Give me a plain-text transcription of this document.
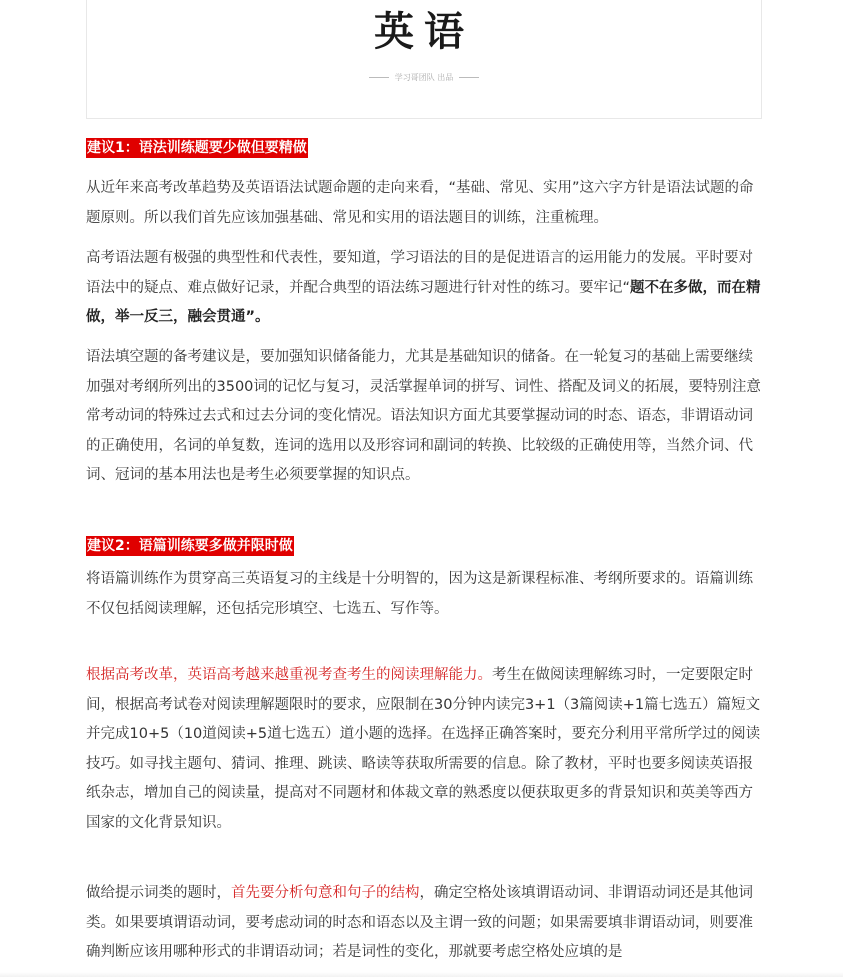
英语
学习哥团队 出品
建议1：语法训练题要少做但要精做

从近年来高考改革趋势及英语语法试题命题的走向来看，“基础、常见、实用”这六字方针是语法试题的命题原则。所以我们首先应该加强基础、常见和实用的语法题目的训练，注重梳理。

高考语法题有极强的典型性和代表性，要知道，学习语法的目的是促进语言的运用能力的发展。平时要对语法中的疑点、难点做好记录，并配合典型的语法练习题进行针对性的练习。要牢记“题不在多做，而在精做，举一反三，融会贯通”。

语法填空题的备考建议是，要加强知识储备能力，尤其是基础知识的储备。在一轮复习的基础上需要继续加强对考纲所列出的3500词的记忆与复习，灵活掌握单词的拼写、词性、搭配及词义的拓展，要特别注意常考动词的特殊过去式和过去分词的变化情况。语法知识方面尤其要掌握动词的时态、语态，非谓语动词的正确使用，名词的单复数，连词的选用以及形容词和副词的转换、比较级的正确使用等，当然介词、代词、冠词的基本用法也是考生必须要掌握的知识点。

建议2：语篇训练要多做并限时做

将语篇训练作为贯穿高三英语复习的主线是十分明智的，因为这是新课程标准、考纲所要求的。语篇训练不仅包括阅读理解，还包括完形填空、七选五、写作等。

根据高考改革，英语高考越来越重视考查考生的阅读理解能力。考生在做阅读理解练习时，一定要限定时间，根据高考试卷对阅读理解题限时的要求，应限制在30分钟内读完3+1（3篇阅读+1篇七选五）篇短文并完成10+5（10道阅读+5道七选五）道小题的选择。在选择正确答案时，要充分利用平常所学过的阅读技巧。如寻找主题句、猜词、推理、跳读、略读等获取所需要的信息。除了教材，平时也要多阅读英语报纸杂志，增加自己的阅读量，提高对不同题材和体裁文章的熟悉度以便获取更多的背景知识和英美等西方国家的文化背景知识。

做给提示词类的题时，首先要分析句意和句子的结构，确定空格处该填谓语动词、非谓语动词还是其他词类。如果要填谓语动词，要考虑动词的时态和语态以及主谓一致的问题；如果需要填非谓语动词，则要准确判断应该用哪种形式的非谓语动词；若是词性的变化，那就要考虑空格处应填的是
